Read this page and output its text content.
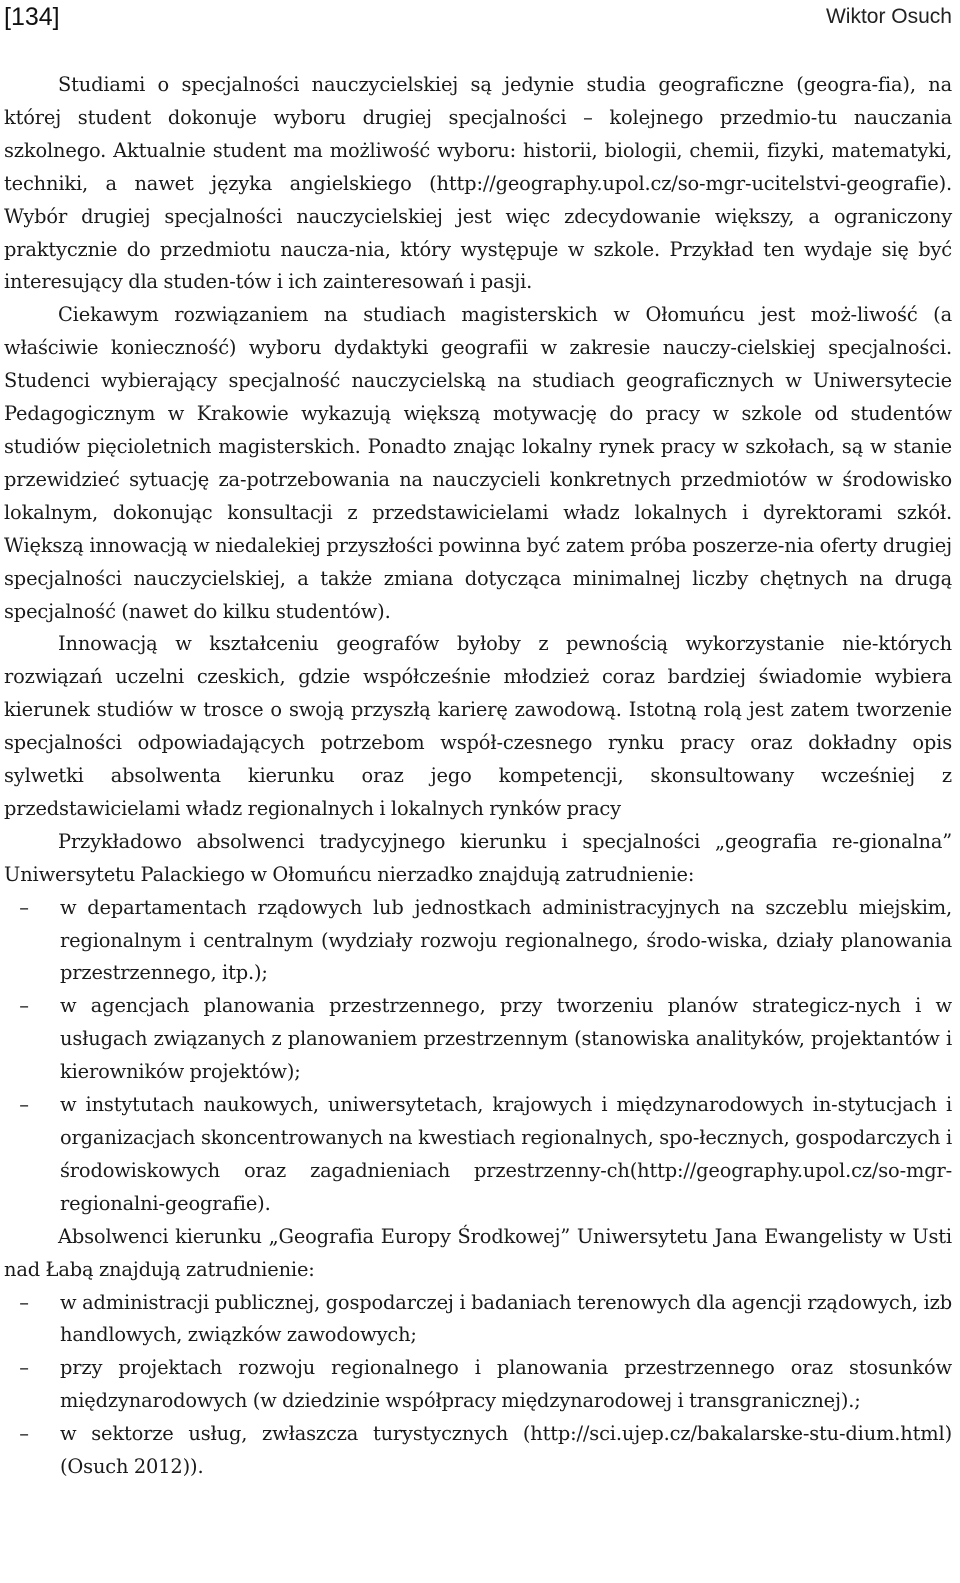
[134]	Wiktor Osuch

Studiami o specjalności nauczycielskiej są jedynie studia geograficzne (geogra-fia), na której student dokonuje wyboru drugiej specjalności – kolejnego przedmio-tu nauczania szkolnego. Aktualnie student ma możliwość wyboru: historii, biologii, chemii, fizyki, matematyki, techniki, a nawet języka angielskiego (http://geography.upol.cz/so-mgr-ucitelstvi-geografie). Wybór drugiej specjalności nauczycielskiej jest więc zdecydowanie większy, a ograniczony praktycznie do przedmiotu naucza-nia, który występuje w szkole. Przykład ten wydaje się być interesujący dla studen-tów i ich zainteresowań i pasji.

Ciekawym rozwiązaniem na studiach magisterskich w Ołomuńcu jest moż-liwość (a właściwie konieczność) wyboru dydaktyki geografii w zakresie nauczy-cielskiej specjalności. Studenci wybierający specjalność nauczycielską na studiach geograficznych w Uniwersytecie Pedagogicznym w Krakowie wykazują większą motywację do pracy w szkole od studentów studiów pięcioletnich magisterskich. Ponadto znając lokalny rynek pracy w szkołach, są w stanie przewidzieć sytuację za-potrzebowania na nauczycieli konkretnych przedmiotów w środowisko lokalnym, dokonując konsultacji z przedstawicielami władz lokalnych i dyrektorami szkół. Większą innowacją w niedalekiej przyszłości powinna być zatem próba poszerze-nia oferty drugiej specjalności nauczycielskiej, a także zmiana dotycząca minimalnej liczby chętnych na drugą specjalność (nawet do kilku studentów).

Innowacją w kształceniu geografów byłoby z pewnością wykorzystanie nie-których rozwiązań uczelni czeskich, gdzie współcześnie młodzież coraz bardziej świadomie wybiera kierunek studiów w trosce o swoją przyszłą karierę zawodową. Istotną rolą jest zatem tworzenie specjalności odpowiadających potrzebom współ-czesnego rynku pracy oraz dokładny opis sylwetki absolwenta kierunku oraz jego kompetencji, skonsultowany wcześniej z przedstawicielami władz regionalnych i lokalnych rynków pracy

Przykładowo absolwenci tradycyjnego kierunku i specjalności „geografia re-gionalna” Uniwersytetu Palackiego w Ołomuńcu nierzadko znajdują zatrudnienie:

–	w departamentach rządowych lub jednostkach administracyjnych na szczeblu miejskim, regionalnym i centralnym (wydziały rozwoju regionalnego, środo-wiska, działy planowania przestrzennego, itp.);
–	w agencjach planowania przestrzennego, przy tworzeniu planów strategicz-nych i w usługach związanych z planowaniem przestrzennym (stanowiska analityków, projektantów i kierowników projektów);
–	w instytutach naukowych, uniwersytetach, krajowych i międzynarodowych in-stytucjach i organizacjach skoncentrowanych na kwestiach regionalnych, spo-łecznych, gospodarczych i środowiskowych oraz zagadnieniach przestrzenny-ch(http://geography.upol.cz/so-mgr-regionalni-geografie).

Absolwenci kierunku „Geografia Europy Środkowej” Uniwersytetu Jana Ewangelisty w Usti nad Łabą znajdują zatrudnienie:

–	w administracji publicznej, gospodarczej i badaniach terenowych dla agencji rządowych, izb handlowych, związków zawodowych;
–	przy projektach rozwoju regionalnego i planowania przestrzennego oraz stosunków międzynarodowych (w dziedzinie współpracy międzynarodowej i transgranicznej).;
–	w sektorze usług, zwłaszcza turystycznych (http://sci.ujep.cz/bakalarske-stu-dium.html) (Osuch 2012)).
